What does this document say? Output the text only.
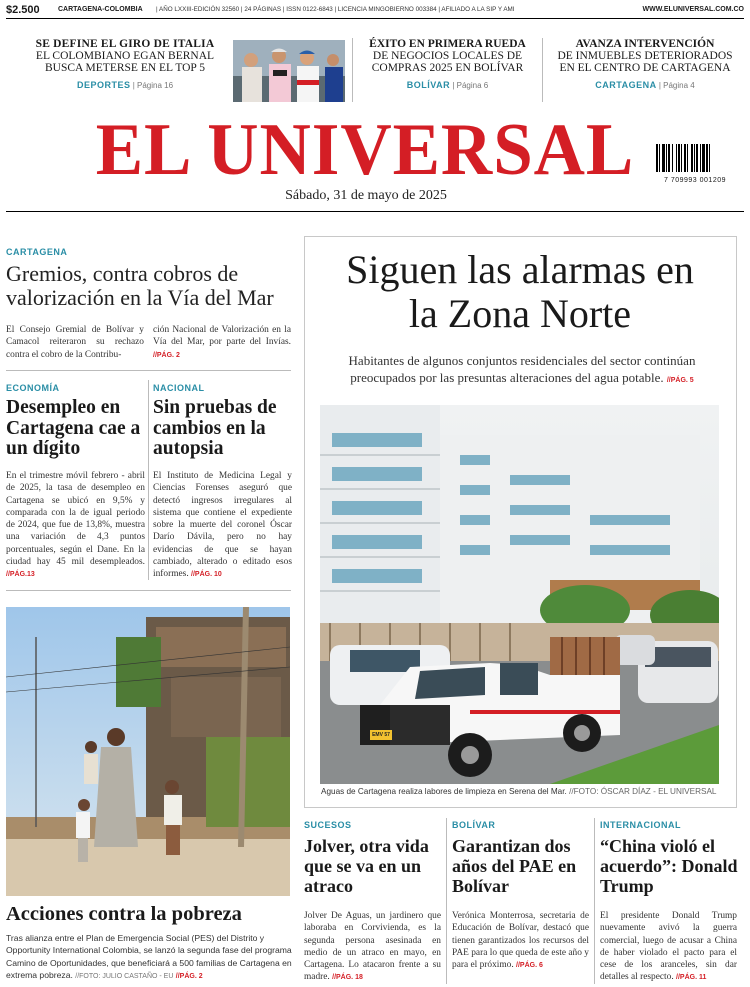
$2.500	CARTAGENA-COLOMBIA | AÑO LXXIII-EDICIÓN 32560 | 24 PÁGINAS | ISSN 0122-6843 | LICENCIA MINGOBIERNO 003384 | AFILIADO A LA SIP Y AMI	WWW.ELUNIVERSAL.COM.CO
SE DEFINE EL GIRO DE ITALIA
EL COLOMBIANO EGAN BERNAL BUSCA METERSE EN EL TOP 5
DEPORTES | Página 16
ÉXITO EN PRIMERA RUEDA
DE NEGOCIOS LOCALES DE COMPRAS 2025 EN BOLÍVAR
BOLÍVAR | Página 6
AVANZA INTERVENCIÓN
DE INMUEBLES DETERIORADOS EN EL CENTRO DE CARTAGENA
CARTAGENA | Página 4
EL UNIVERSAL	7 709993 001209
Sábado, 31 de mayo de 2025
CARTAGENA
Gremios, contra cobros de valorización en la Vía del Mar
El Consejo Gremial de Bolívar y Camacol reiteraron su rechazo contra el cobro de la Contribu-
ción Nacional de Valorización en la Vía del Mar, por parte del Invías. //PÁG. 2
ECONOMÍA
Desempleo en Cartagena cae a un dígito
En el trimestre móvil febrero - abril de 2025, la tasa de desempleo en Cartagena se ubicó en 9,5% y comparada con la de igual periodo de 2024, que fue de 13,8%, muestra una variación de 4,3 puntos porcentuales, según el Dane. En la ciudad hay 45 mil desempleados. //PÁG.13
NACIONAL
Sin pruebas de cambios en la autopsia
El Instituto de Medicina Legal y Ciencias Forenses aseguró que detectó ingresos irregulares al sistema que contiene el expediente sobre la muerte del coronel Óscar Darío Dávila, pero no hay evidencias de que se hayan cambiado, alterado o editado esos informes. //PÁG. 10
Acciones contra la pobreza
Tras alianza entre el Plan de Emergencia Social (PES) del Distrito y Opportunity International Colombia, se lanzó la segunda fase del programa Camino de Oportunidades, que beneficiará a 500 familias de Cartagena en extrema pobreza. //FOTO: JULIO CASTAÑO - EU //PÁG. 2
Siguen las alarmas en la Zona Norte
Habitantes de algunos conjuntos residenciales del sector continúan preocupados por las presuntas alteraciones del agua potable. //PÁG. 5
EMV 57
Aguas de Cartagena realiza labores de limpieza en Serena del Mar. //FOTO: ÓSCAR DÍAZ - EL UNIVERSAL
SUCESOS
Jolver, otra vida que se va en un atraco
Jolver De Aguas, un jardinero que laboraba en Corvivienda, es la segunda persona asesinada en medio de un atraco en mayo, en Cartagena. Lo atacaron frente a su madre. //PÁG. 18
BOLÍVAR
Garantizan dos años del PAE en Bolívar
Verónica Monterrosa, secretaria de Educación de Bolívar, destacó que tienen garantizados los recursos del PAE para lo que queda de este año y para el próximo. //PÁG. 6
INTERNACIONAL
“China violó el acuerdo”: Donald Trump
El presidente Donald Trump nuevamente avivó la guerra comercial, luego de acusar a China de haber violado el pacto para el cese de los aranceles, sin dar detalles al respecto. //PÁG. 11
